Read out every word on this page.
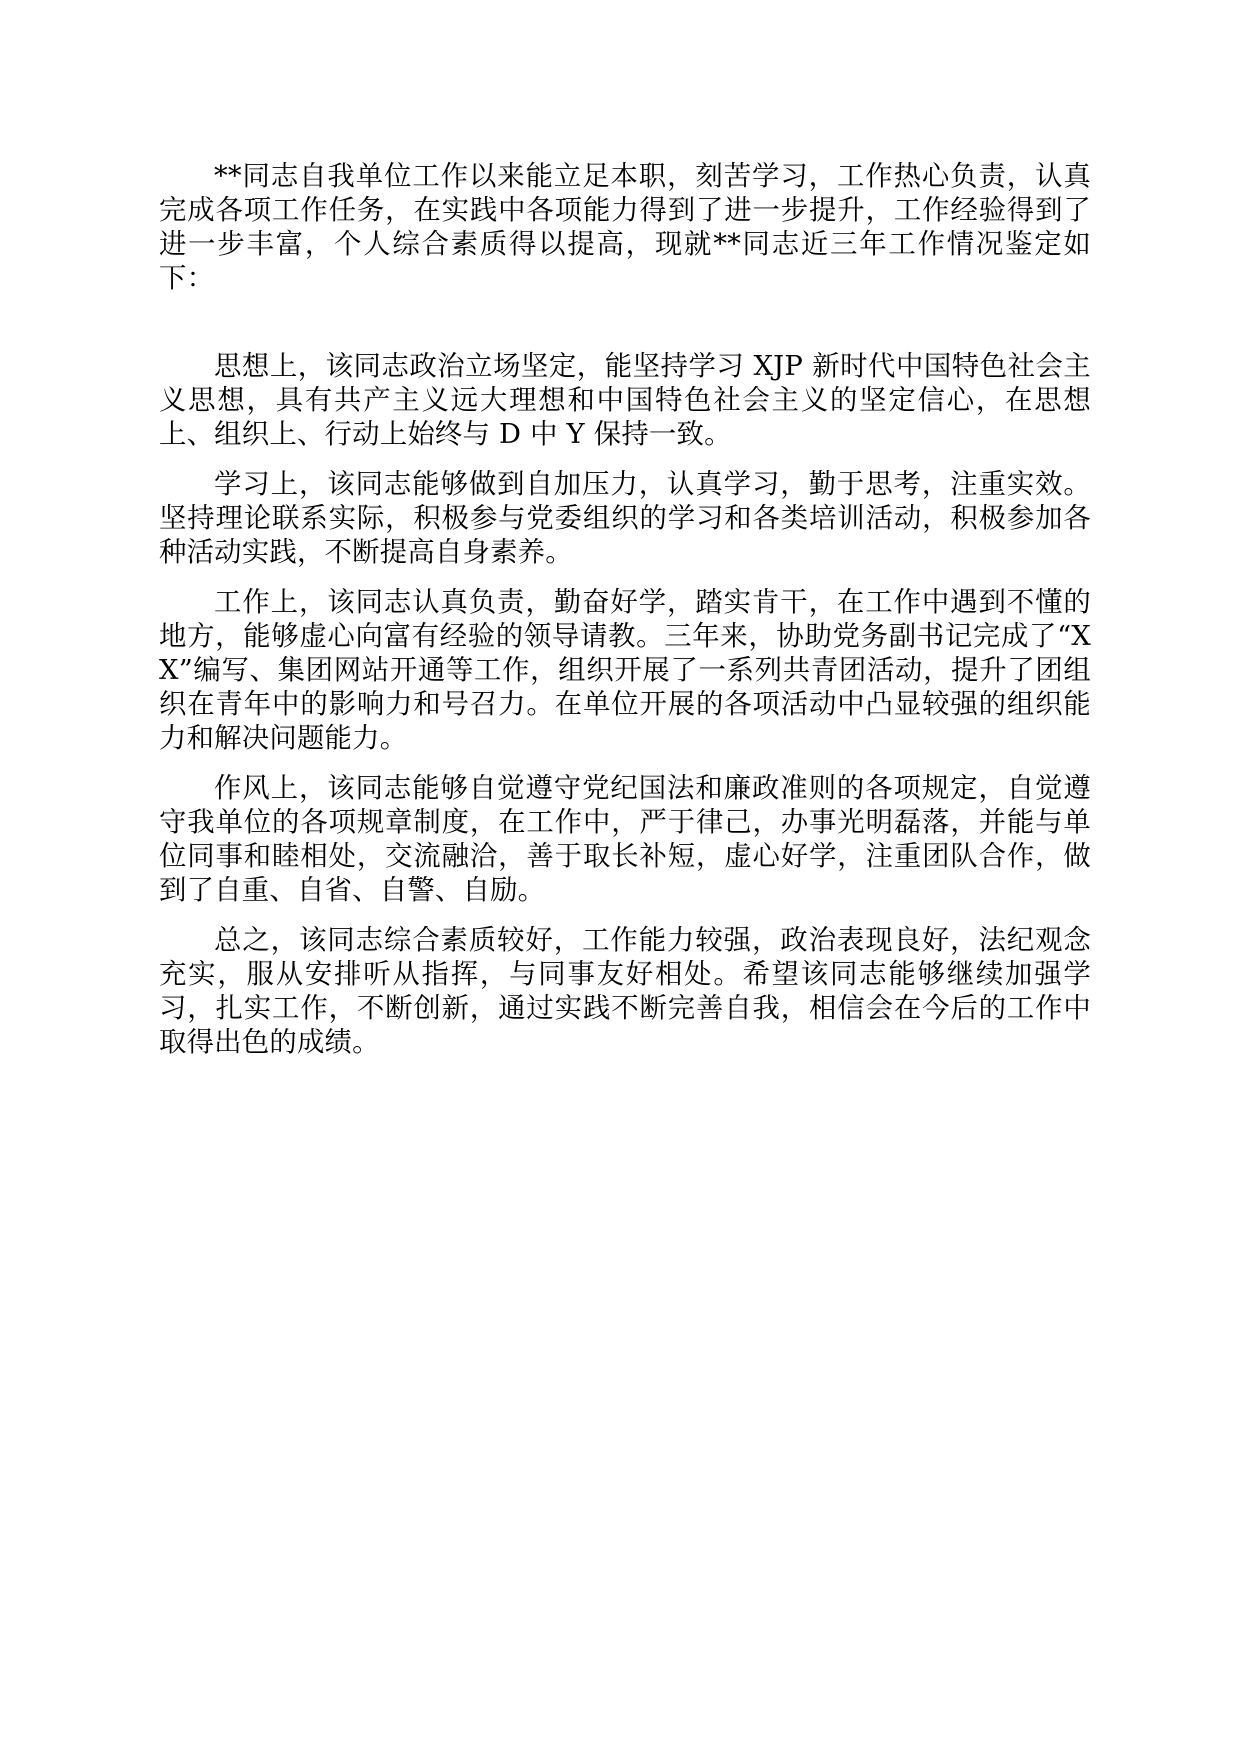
**同志自我单位工作以来能立足本职，刻苦学习，工作热心负责，认真完成各项工作任务，在实践中各项能力得到了进一步提升，工作经验得到了进一步丰富，个人综合素质得以提高，现就**同志近三年工作情况鉴定如下：

思想上，该同志政治立场坚定，能坚持学习 XJP 新时代中国特色社会主义思想，具有共产主义远大理想和中国特色社会主义的坚定信心，在思想上、组织上、行动上始终与 D 中 Y 保持一致。

学习上，该同志能够做到自加压力，认真学习，勤于思考，注重实效。坚持理论联系实际，积极参与党委组织的学习和各类培训活动，积极参加各种活动实践，不断提高自身素养。

工作上，该同志认真负责，勤奋好学，踏实肯干，在工作中遇到不懂的地方，能够虚心向富有经验的领导请教。三年来，协助党务副书记完成了“XX”编写、集团网站开通等工作，组织开展了一系列共青团活动，提升了团组织在青年中的影响力和号召力。在单位开展的各项活动中凸显较强的组织能力和解决问题能力。

作风上，该同志能够自觉遵守党纪国法和廉政准则的各项规定，自觉遵守我单位的各项规章制度，在工作中，严于律己，办事光明磊落，并能与单位同事和睦相处，交流融洽，善于取长补短，虚心好学，注重团队合作，做到了自重、自省、自警、自励。

总之，该同志综合素质较好，工作能力较强，政治表现良好，法纪观念充实，服从安排听从指挥，与同事友好相处。希望该同志能够继续加强学习，扎实工作，不断创新，通过实践不断完善自我，相信会在今后的工作中取得出色的成绩。
